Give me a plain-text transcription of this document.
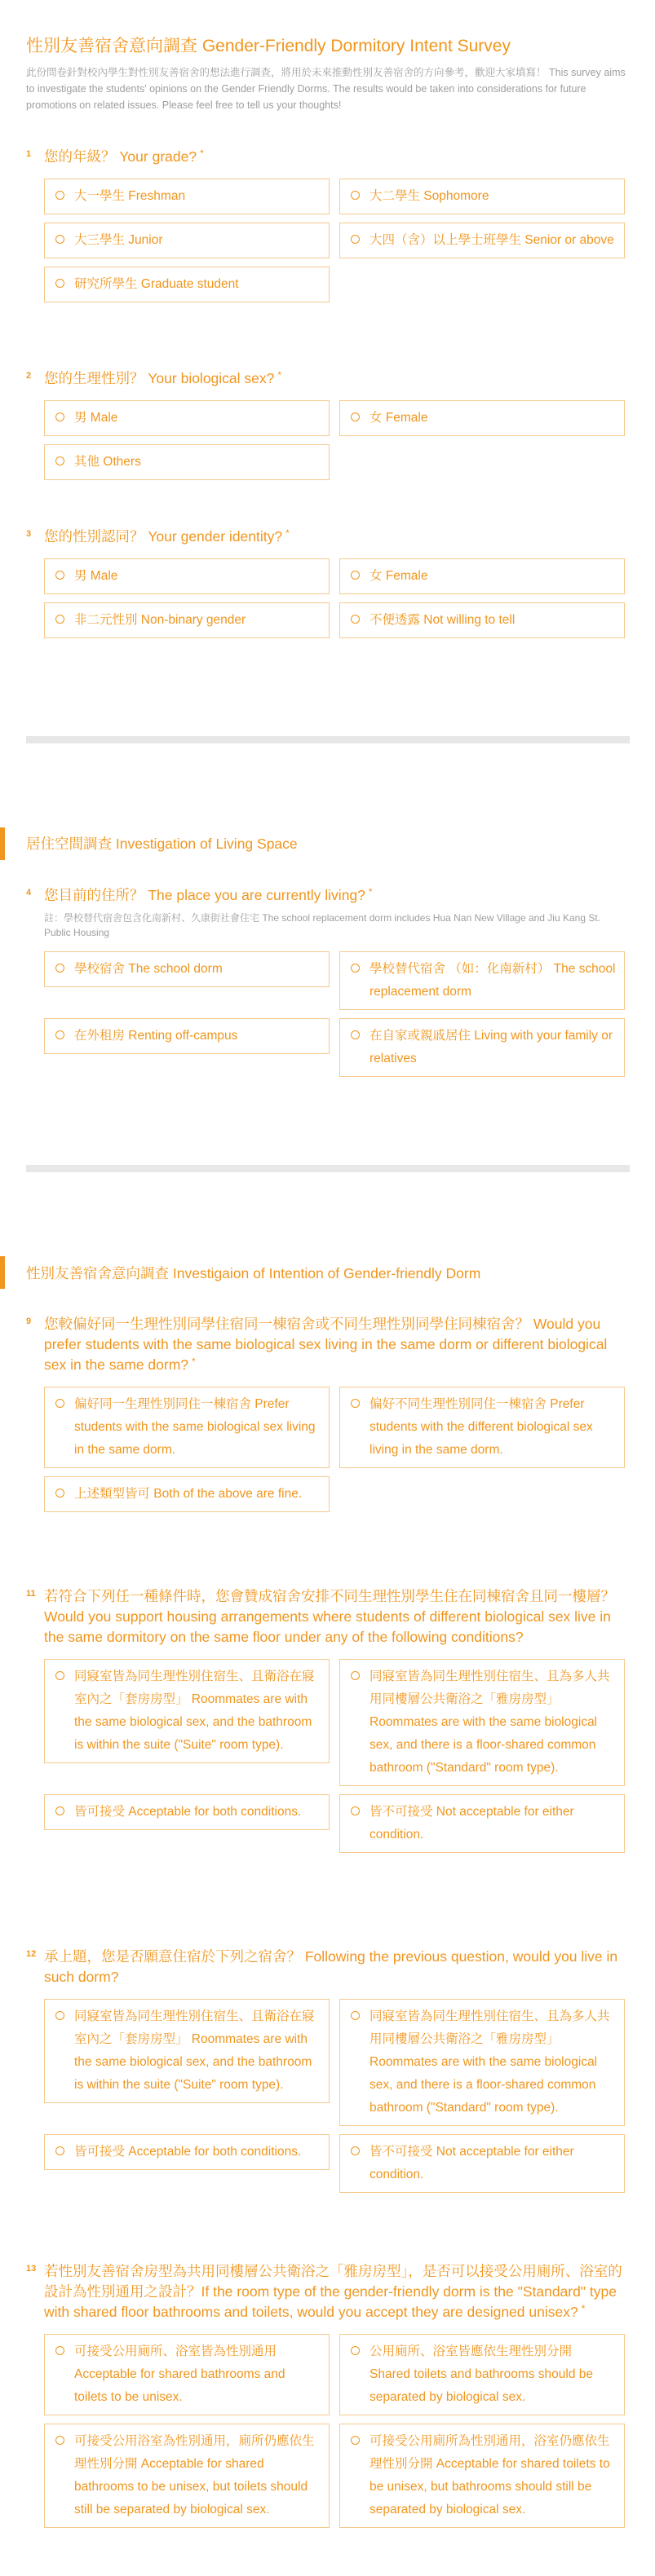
性別友善宿舍意向調查 Gender-Friendly Dormitory Intent Survey

此份問卷針對校內學生對性別友善宿舍的想法進行調查，將用於未來推動性別友善宿舍的方向參考，歡迎大家填寫！ This survey aims to investigate the students' opinions on the Gender Friendly Dorms. The results would be taken into considerations for future promotions on related issues. Please feel free to tell us your thoughts!

1 您的年級？ Your grade? *
大一學生 Freshman	大二學生 Sophomore
大三學生 Junior	大四（含）以上學士班學生 Senior or above
研究所學生 Graduate student
2 您的生理性別？ Your biological sex? *
男 Male	女 Female
其他 Others
3 您的性別認同？ Your gender identity? *
男 Male	女 Female
非二元性別 Non-binary gender	不便透露 Not willing to tell
居住空間調查 Investigation of Living Space
4 您目前的住所？ The place you are currently living? *
註：學校替代宿舍包含化南新村、久康街社會住宅 The school replacement dorm includes Hua Nan New Village and Jiu Kang St. Public Housing
學校宿舍 The school dorm	學校替代宿舍 （如：化南新村） The school replacement dorm
在外租房 Renting off-campus	在自家或親戚居住 Living with your family or relatives
性別友善宿舍意向調查 Investigaion of Intention of Gender-friendly Dorm
9 您較偏好同一生理性別同學住宿同一棟宿舍或不同生理性別同學住同棟宿舍？ Would you prefer students with the same biological sex living in the same dorm or different biological sex in the same dorm? *
偏好同一生理性別同住一棟宿舍 Prefer students with the same biological sex living in the same dorm.
偏好不同生理性別同住一棟宿舍 Prefer students with the different biological sex living in the same dorm.
上述類型皆可 Both of the above are fine.
11 若符合下列任一種條件時，您會贊成宿舍安排不同生理性別學生住在同棟宿舍且同一樓層？Would you support housing arrangements where students of different biological sex live in the same dormitory on the same floor under any of the following conditions?
同寢室皆為同生理性別住宿生、且衛浴在寢室內之「套房房型」 Roommates are with the same biological sex, and the bathroom is within the suite ("Suite" room type).
同寢室皆為同生理性別住宿生、且為多人共用同樓層公共衛浴之「雅房房型」 Roommates are with the same biological sex, and there is a floor-shared common bathroom ("Standard" room type).
皆可接受 Acceptable for both conditions.	皆不可接受 Not acceptable for either condition.
12 承上題，您是否願意住宿於下列之宿舍？ Following the previous question, would you live in such dorm?
同寢室皆為同生理性別住宿生、且衛浴在寢室內之「套房房型」 Roommates are with the same biological sex, and the bathroom is within the suite ("Suite" room type).
同寢室皆為同生理性別住宿生、且為多人共用同樓層公共衛浴之「雅房房型」 Roommates are with the same biological sex, and there is a floor-shared common bathroom ("Standard" room type).
皆可接受 Acceptable for both conditions.	皆不可接受 Not acceptable for either condition.
13 若性別友善宿舍房型為共用同樓層公共衛浴之「雅房房型」，是否可以接受公用廁所、浴室的設計為性別通用之設計？If the room type of the gender-friendly dorm is the "Standard" type with shared floor bathrooms and toilets, would you accept they are designed unisex? *
可接受公用廁所、浴室皆為性別通用 Acceptable for shared bathrooms and toilets to be unisex.
公用廁所、浴室皆應依生理性別分開 Shared toilets and bathrooms should be separated by biological sex.
可接受公用浴室為性別通用，廁所仍應依生理性別分開 Acceptable for shared bathrooms to be unisex, but toilets should still be separated by biological sex.
可接受公用廁所為性別通用，浴室仍應依生理性別分開 Acceptable for shared toilets to be unisex, but bathrooms should still be separated by biological sex.
